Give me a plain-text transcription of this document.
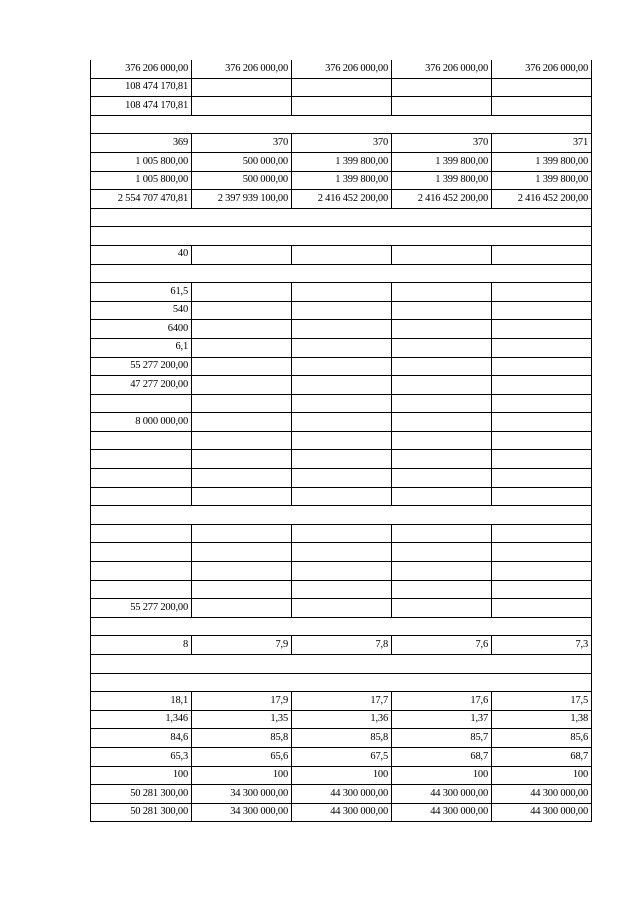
376 206 000,00	376 206 000,00	376 206 000,00	376 206 000,00	376 206 000,00
108 474 170,81				
108 474 170,81				

369	370	370	370	371
1 005 800,00	500 000,00	1 399 800,00	1 399 800,00	1 399 800,00
1 005 800,00	500 000,00	1 399 800,00	1 399 800,00	1 399 800,00
2 554 707 470,81	2 397 939 100,00	2 416 452 200,00	2 416 452 200,00	2 416 452 200,00

40				

61,5				
540				
6400				
6,1				
55 277 200,00				
47 277 200,00				

8 000 000,00				

55 277 200,00				

8	7,9	7,8	7,6	7,3

18,1	17,9	17,7	17,6	17,5
1,346	1,35	1,36	1,37	1,38
84,6	85,8	85,8	85,7	85,6
65,3	65,6	67,5	68,7	68,7
100	100	100	100	100
50 281 300,00	34 300 000,00	44 300 000,00	44 300 000,00	44 300 000,00
50 281 300,00	34 300 000,00	44 300 000,00	44 300 000,00	44 300 000,00
